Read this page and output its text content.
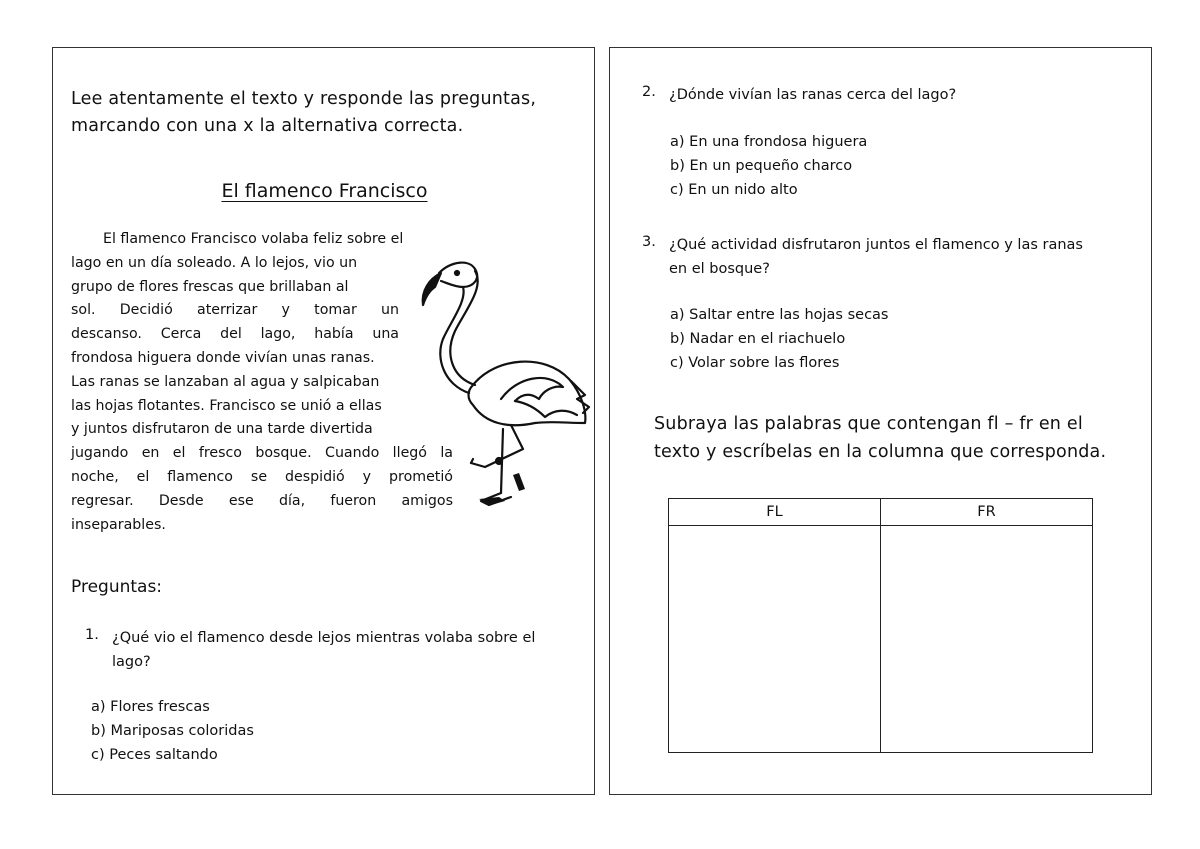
Lee atentamente el texto y responde las preguntas,
marcando con una x la alternativa correcta.
El flamenco Francisco
El flamenco Francisco volaba feliz sobre el
lago en un día soleado. A lo lejos, vio un
grupo de flores frescas que brillaban al
sol. Decidió aterrizar y tomar un
descanso. Cerca del lago, había una
frondosa higuera donde vivían unas ranas.
Las ranas se lanzaban al agua y salpicaban
las hojas flotantes. Francisco se unió a ellas
y juntos disfrutaron de una tarde divertida
jugando en el fresco bosque. Cuando llegó la
noche, el flamenco se despidió y prometió
regresar. Desde ese día, fueron amigos
inseparables.
Preguntas:
1. ¿Qué vio el flamenco desde lejos mientras volaba sobre el
lago?
a) Flores frescas
b) Mariposas coloridas
c) Peces saltando
2. ¿Dónde vivían las ranas cerca del lago?
a) En una frondosa higuera
b) En un pequeño charco
c) En un nido alto
3. ¿Qué actividad disfrutaron juntos el flamenco y las ranas
en el bosque?
a) Saltar entre las hojas secas
b) Nadar en el riachuelo
c) Volar sobre las flores
Subraya las palabras que contengan fl – fr en el
texto y escríbelas en la columna que corresponda.
FL	FR
